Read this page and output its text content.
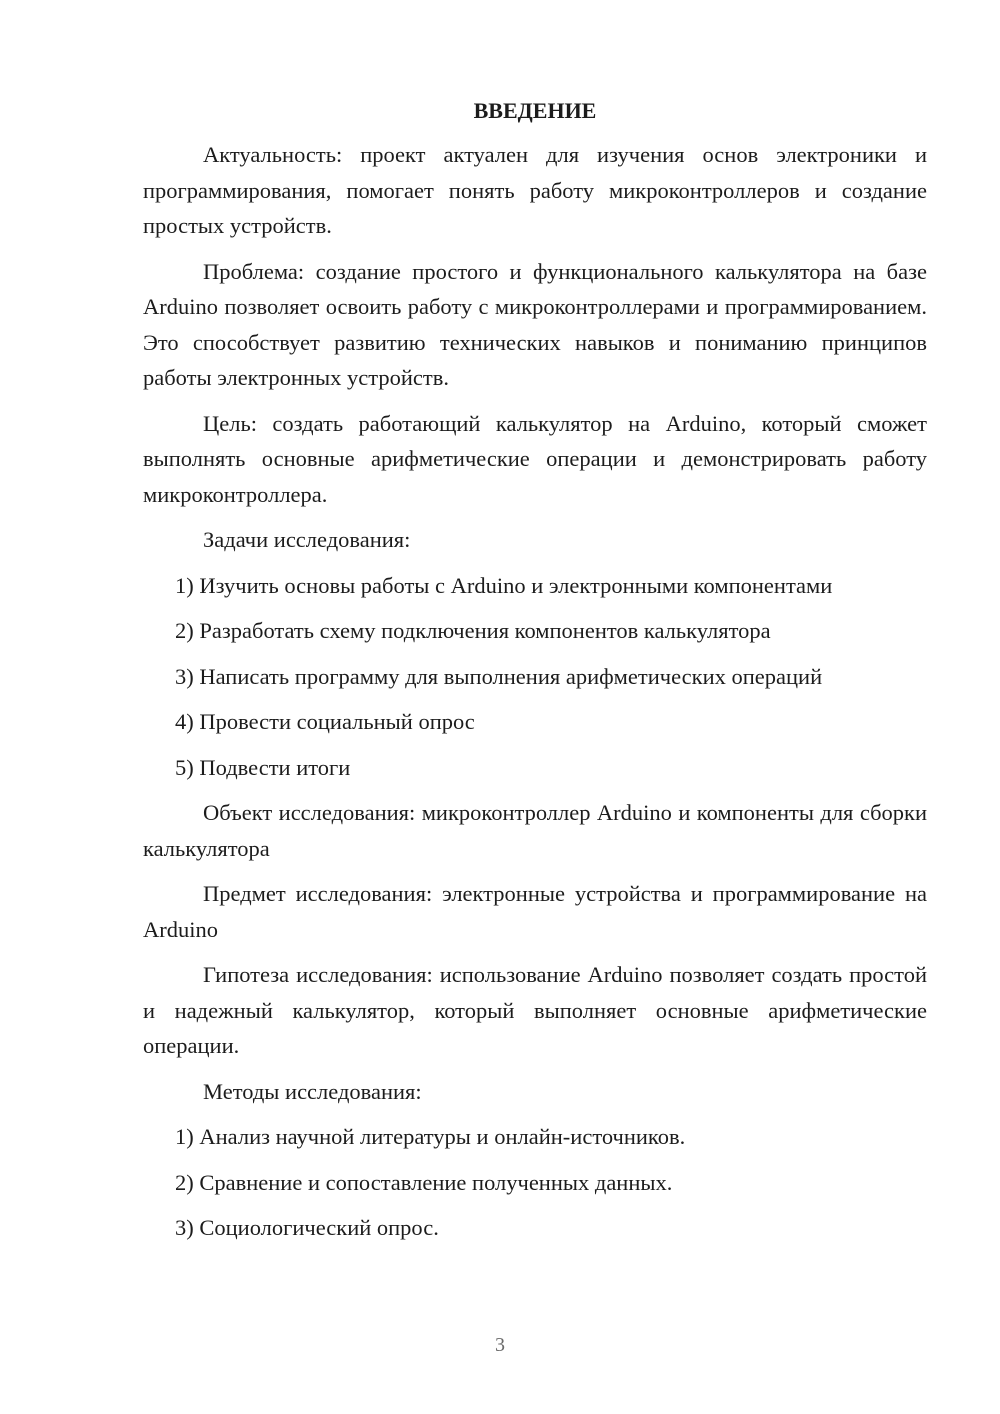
ВВЕДЕНИЕ

Актуальность: проект актуален для изучения основ электроники и программирования, помогает понять работу микроконтроллеров и создание простых устройств.

Проблема: создание простого и функционального калькулятора на базе Arduino позволяет освоить работу с микроконтроллерами и программированием. Это способствует развитию технических навыков и пониманию принципов работы электронных устройств.

Цель: создать работающий калькулятор на Arduino, который сможет выполнять основные арифметические операции и демонстрировать работу микроконтроллера.

Задачи исследования:

1) Изучить основы работы с Arduino и электронными компонентами

2) Разработать схему подключения компонентов калькулятора

3) Написать программу для выполнения арифметических операций

4) Провести социальный опрос

5) Подвести итоги

Объект исследования: микроконтроллер Arduino и компоненты для сборки калькулятора

Предмет исследования: электронные устройства и программирование на Arduino

Гипотеза исследования: использование Arduino позволяет создать простой и надежный калькулятор, который выполняет основные арифметические операции.

Методы исследования:

1) Анализ научной литературы и онлайн-источников.

2) Сравнение и сопоставление полученных данных.

3) Социологический опрос.

3
